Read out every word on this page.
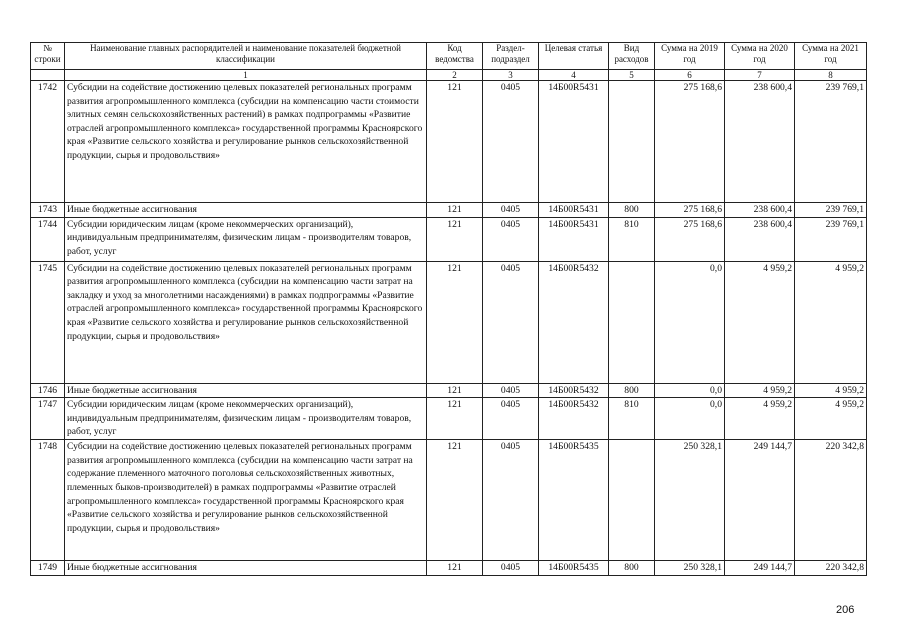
№ строки	Наименование главных распорядителей и наименование показателей бюджетной классификации	Код ведомства	Раздел-подраздел	Целевая статья	Вид расходов	Сумма на 2019 год	Сумма на 2020 год	Сумма на 2021 год
	1	2	3	4	5	6	7	8
1742	Субсидии на содействие достижению целевых показателей региональных программ развития агропромышленного комплекса (субсидии на компенсацию части стоимости элитных семян сельскохозяйственных растений) в рамках подпрограммы «Развитие отраслей агропромышленного комплекса» государственной программы Красноярского края «Развитие сельского хозяйства и регулирование рынков сельскохозяйственной продукции, сырья и продовольствия»	121	0405	14Б00R5431		275 168,6	238 600,4	239 769,1
1743	Иные бюджетные ассигнования	121	0405	14Б00R5431	800	275 168,6	238 600,4	239 769,1
1744	Субсидии юридическим лицам (кроме некоммерческих организаций), индивидуальным предпринимателям, физическим лицам - производителям товаров, работ, услуг	121	0405	14Б00R5431	810	275 168,6	238 600,4	239 769,1
1745	Субсидии на содействие достижению целевых показателей региональных программ развития агропромышленного комплекса (субсидии на компенсацию части затрат на закладку и уход за многолетними насаждениями) в рамках подпрограммы «Развитие отраслей агропромышленного комплекса» государственной программы Красноярского края «Развитие сельского хозяйства и регулирование рынков сельскохозяйственной продукции, сырья и продовольствия»	121	0405	14Б00R5432		0,0	4 959,2	4 959,2
1746	Иные бюджетные ассигнования	121	0405	14Б00R5432	800	0,0	4 959,2	4 959,2
1747	Субсидии юридическим лицам (кроме некоммерческих организаций), индивидуальным предпринимателям, физическим лицам - производителям товаров, работ, услуг	121	0405	14Б00R5432	810	0,0	4 959,2	4 959,2
1748	Субсидии на содействие достижению целевых показателей региональных программ развития агропромышленного комплекса (субсидии на компенсацию части затрат на содержание племенного маточного поголовья сельскохозяйственных животных, племенных быков-производителей) в рамках подпрограммы «Развитие отраслей агропромышленного комплекса» государственной программы Красноярского края «Развитие сельского хозяйства и регулирование рынков сельскохозяйственной продукции, сырья и продовольствия»	121	0405	14Б00R5435		250 328,1	249 144,7	220 342,8
1749	Иные бюджетные ассигнования	121	0405	14Б00R5435	800	250 328,1	249 144,7	220 342,8
206
